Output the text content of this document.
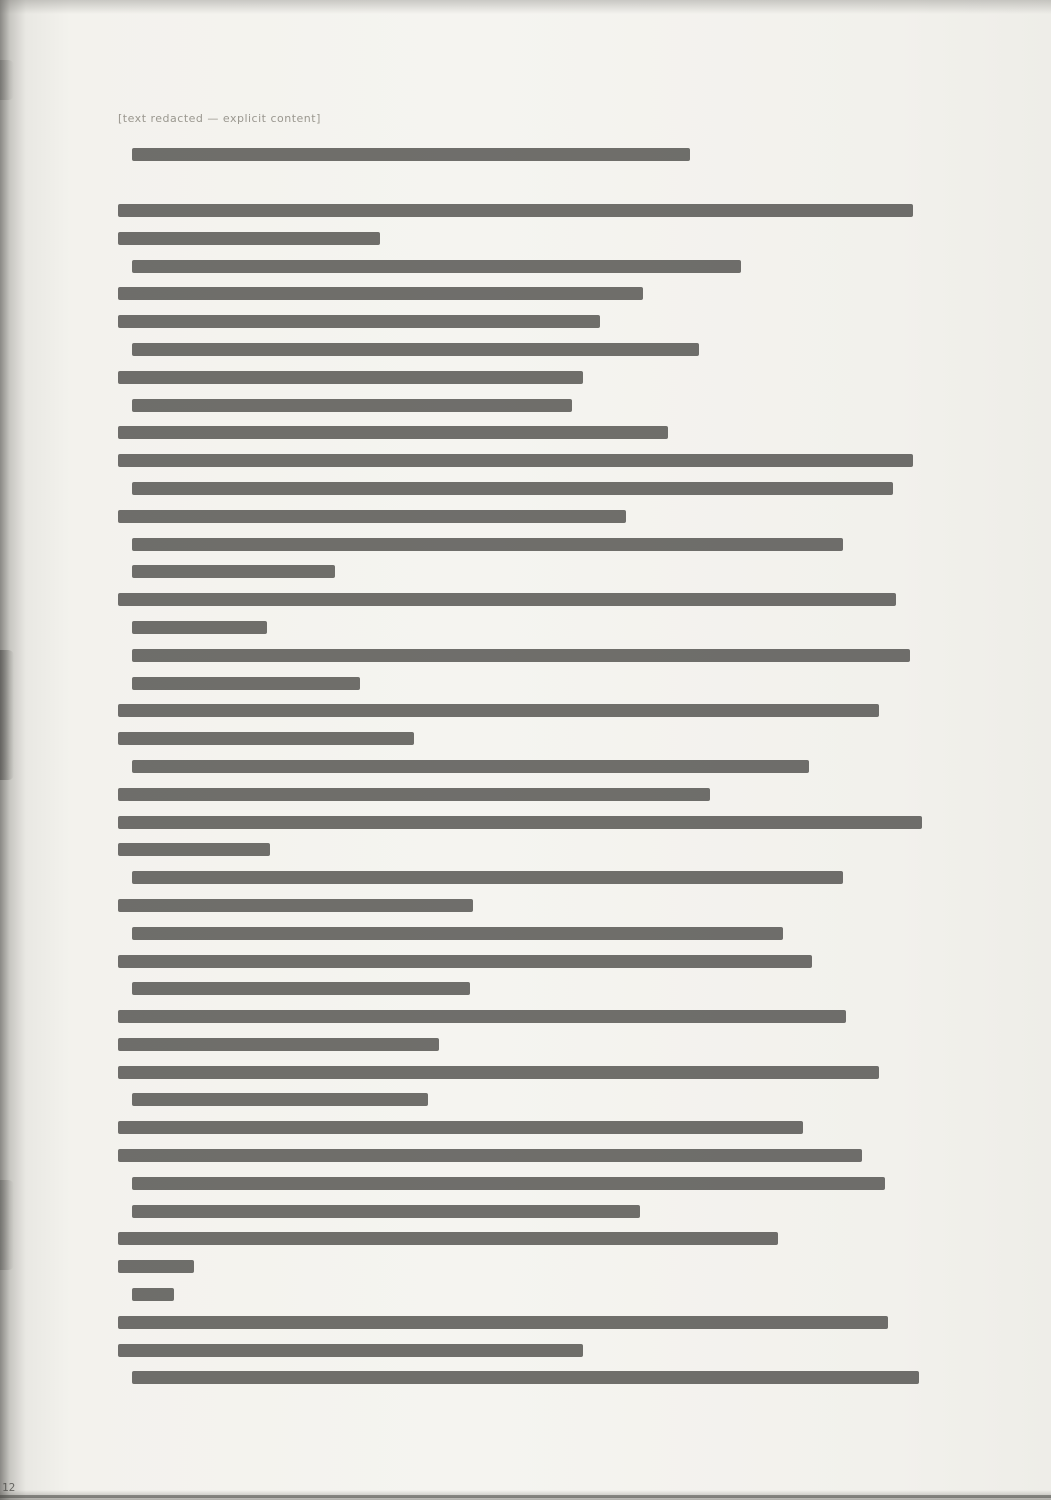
[text redacted — explicit content]
12
